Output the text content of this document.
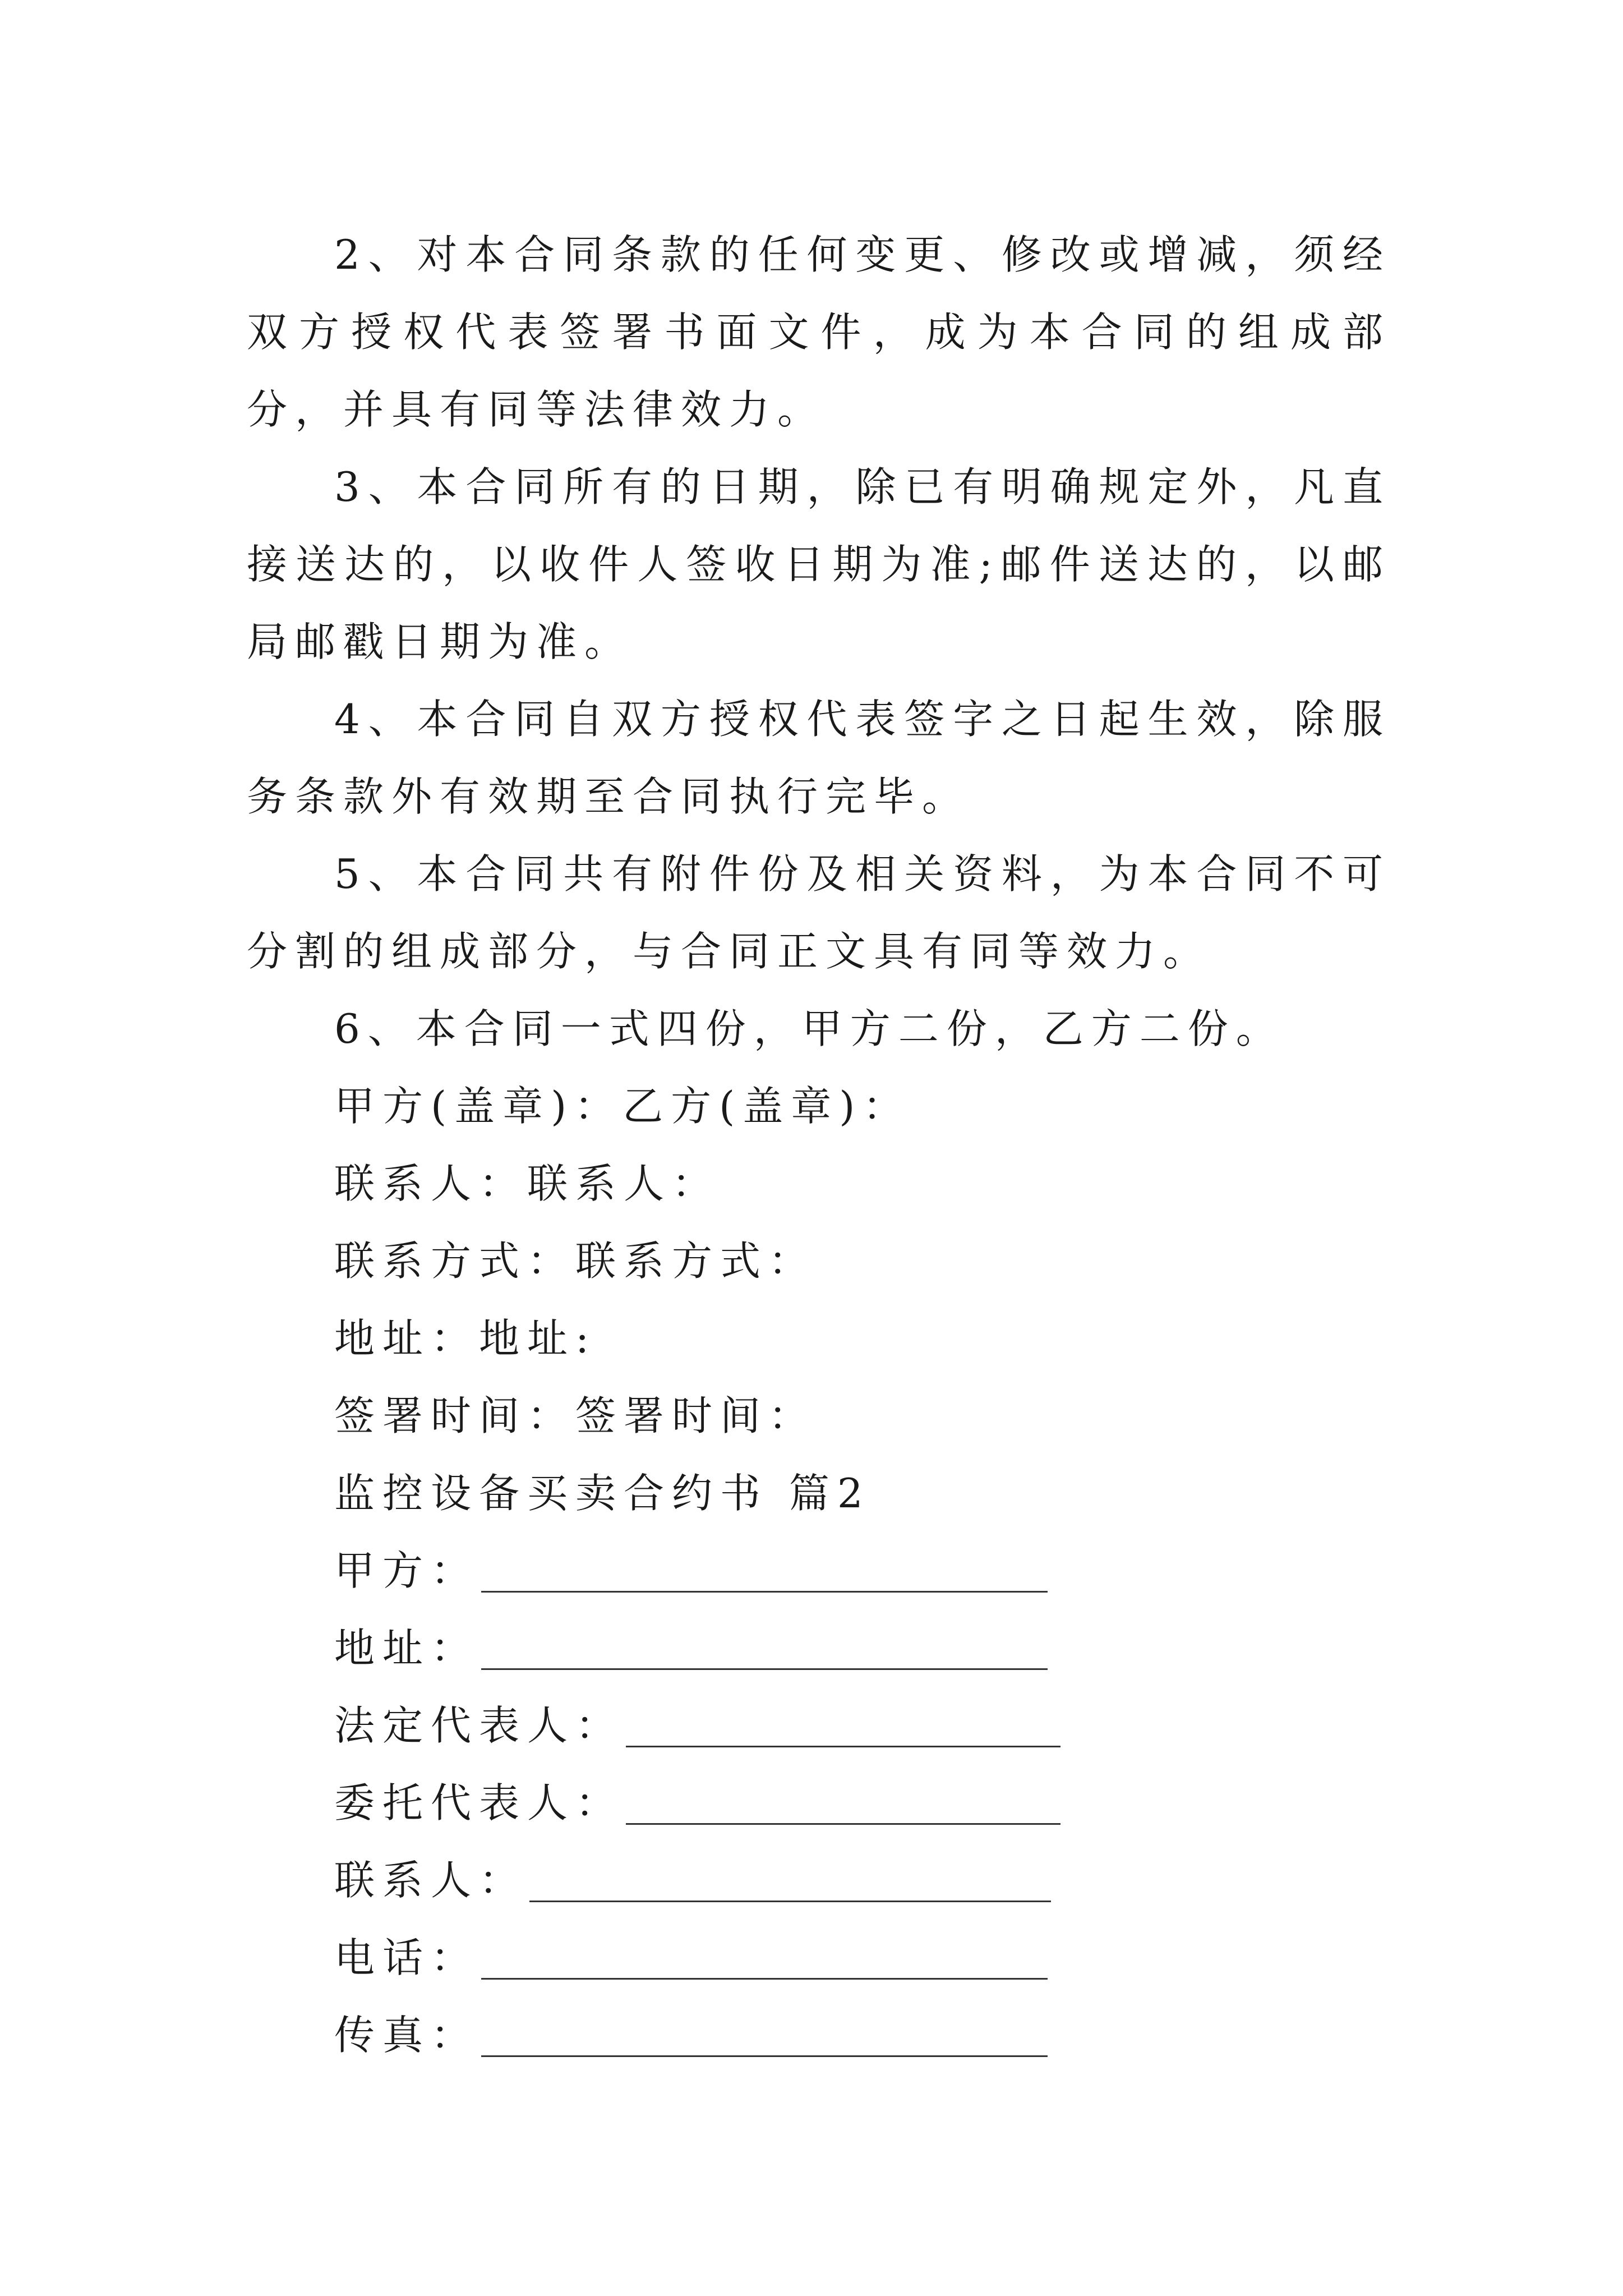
2、对本合同条款的任何变更、修改或增减，须经双方授权代表签署书面文件，成为本合同的组成部分，并具有同等法律效力。

3、本合同所有的日期，除已有明确规定外，凡直接送达的，以收件人签收日期为准;邮件送达的，以邮局邮戳日期为准。

4、本合同自双方授权代表签字之日起生效，除服务条款外有效期至合同执行完毕。

5、本合同共有附件份及相关资料，为本合同不可分割的组成部分，与合同正文具有同等效力。

6、本合同一式四份，甲方二份，乙方二份。

甲方(盖章)：乙方(盖章)：

联系人：联系人：

联系方式：联系方式：

地址：地址:

签署时间：签署时间：

监控设备买卖合约书 篇2

甲方：
地址：
法定代表人：
委托代表人：
联系人：
电话：
传真：
